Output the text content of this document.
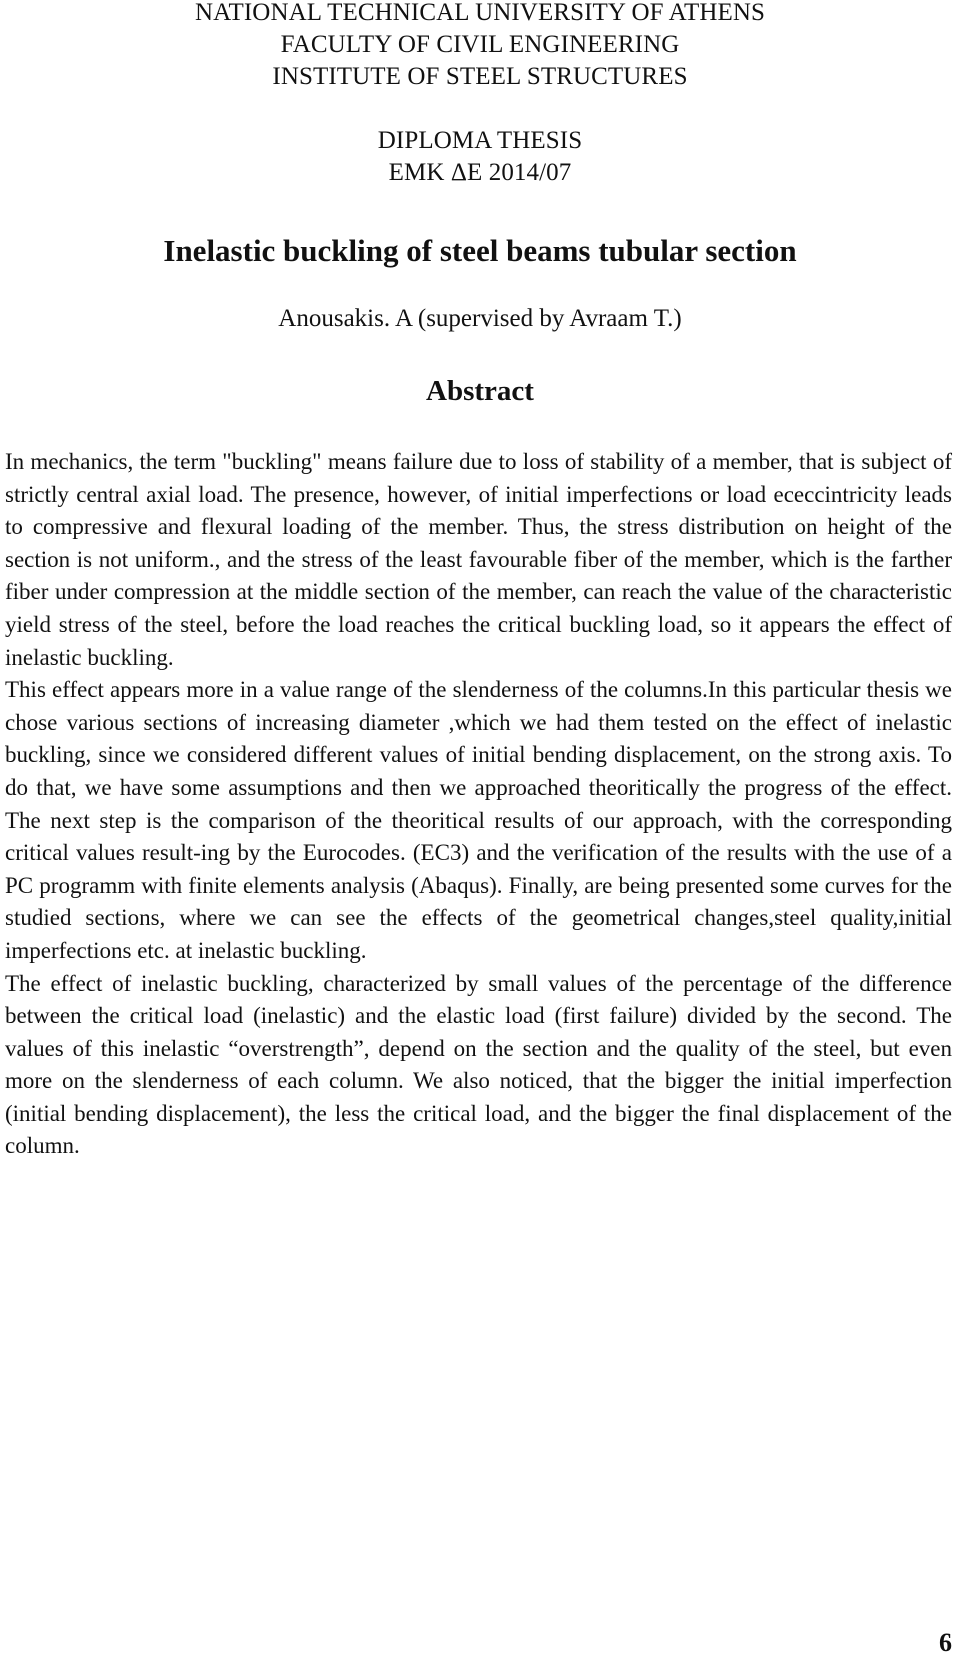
NATIONAL TECHNICAL UNIVERSITY OF ATHENS
FACULTY OF CIVIL ENGINEERING
INSTITUTE OF STEEL STRUCTURES
DIPLOMA THESIS
EMK ΔE 2014/07
Inelastic buckling of steel beams tubular section
Anousakis. A (supervised by Avraam T.)
Abstract

In mechanics, the term "buckling" means failure due to loss of stability of a member, that is subject of strictly central axial load. The presence, however, of initial imperfections or load ececcintricity leads to compressive and flexural loading of the member. Thus, the stress distribution on height of the section is not uniform., and the stress of the least favourable fiber of the member, which is the farther fiber under compression at the middle section of the member, can reach the value of the characteristic yield stress of the steel, before the load reaches the critical buckling load, so it appears the effect of inelastic buckling.

This effect appears more in a value range of the slenderness of the columns.In this particular thesis we chose various sections of increasing diameter ,which we had them tested on the effect of inelastic buckling, since we considered different values of initial bending displacement, on the strong axis. To do that, we have some assumptions and then we approached theoritically the progress of the effect. The next step is the comparison of the theoritical results of our approach, with the corresponding critical values result-ing by the Eurocodes. (EC3) and the verification of the results with the use of a PC programm with finite elements analysis (Abaqus). Finally, are being presented some curves for the studied sections, where we can see the effects of the geometrical changes,steel quality,initial imperfections etc. at inelastic buckling.

The effect of inelastic buckling, characterized by small values of the percentage of the difference between the critical load (inelastic) and the elastic load (first failure) divided by the second. The values of this inelastic “overstrength”, depend on the section and the quality of the steel, but even more on the slenderness of each column. We also noticed, that the bigger the initial imperfection (initial bending displacement), the less the critical load, and the bigger the final displacement of the column.

6
